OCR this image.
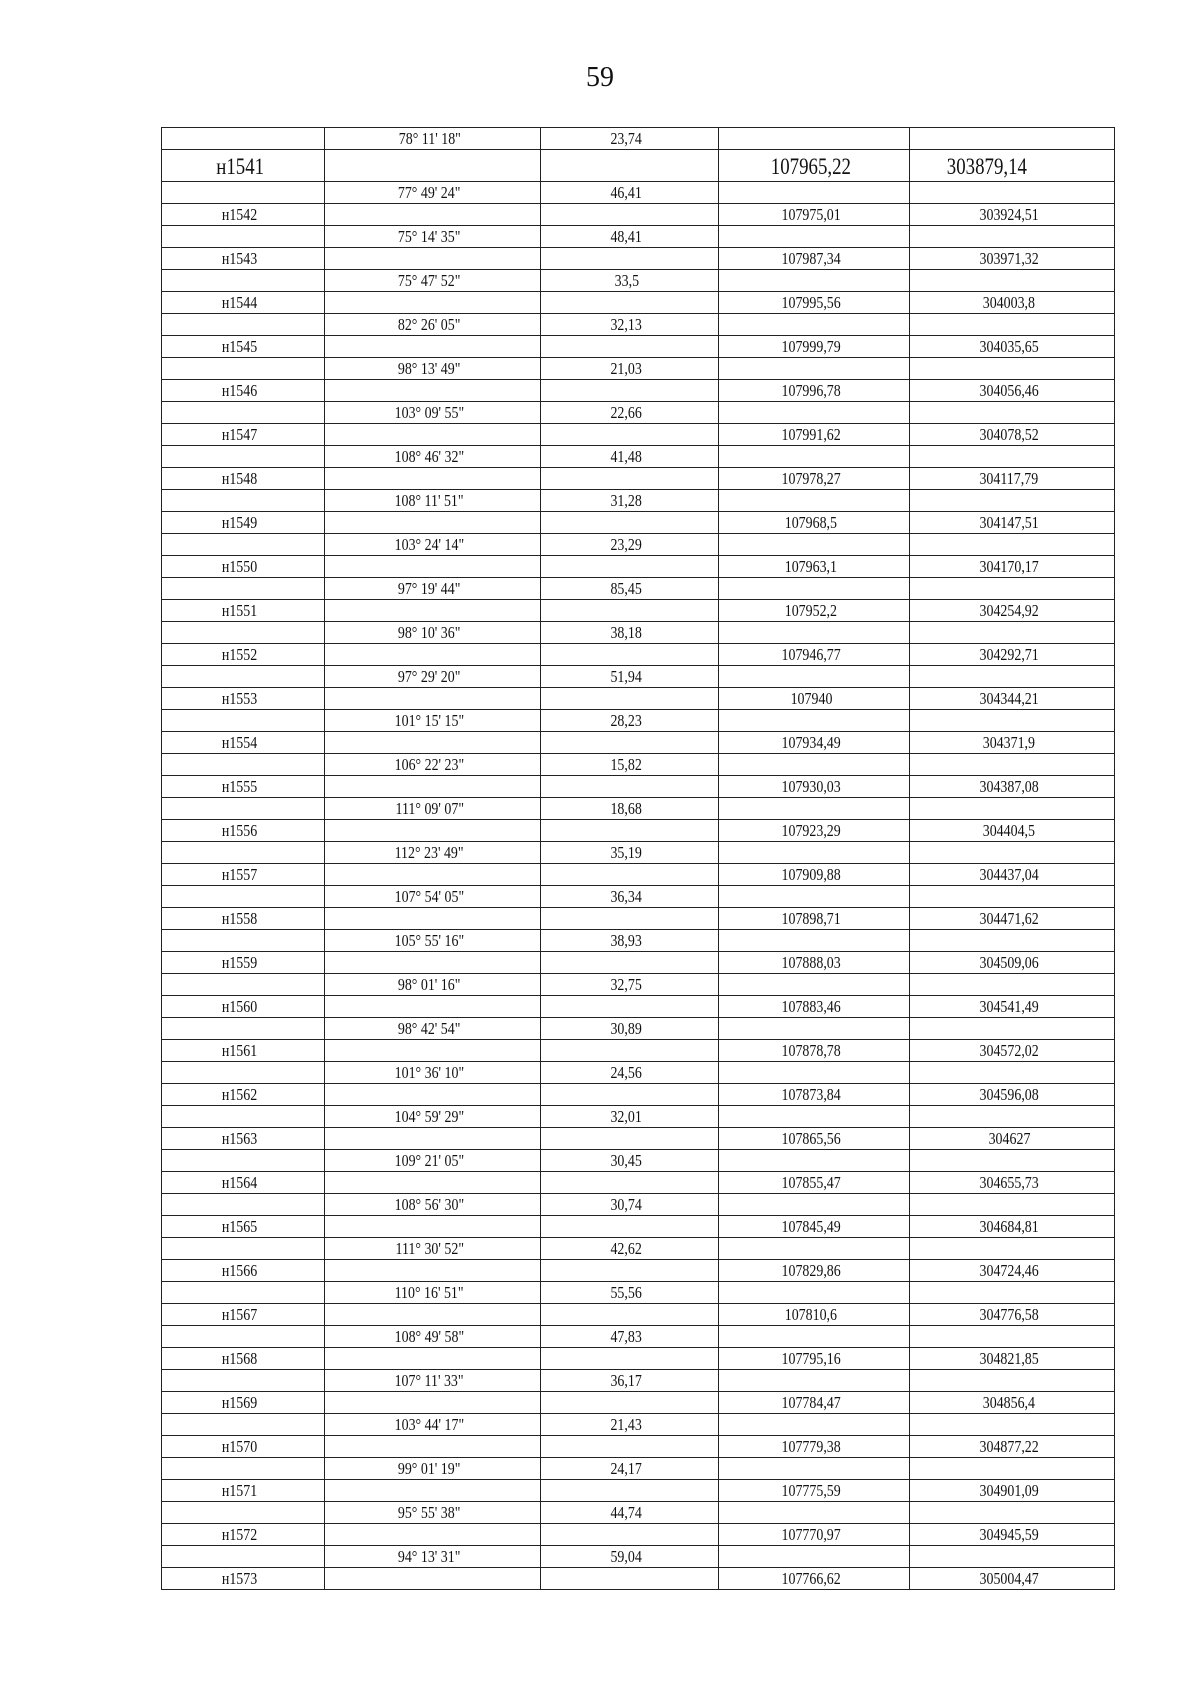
59
	78° 11' 18"	23,74		
н1541			107965,22	303879,14
	77° 49' 24"	46,41		
н1542			107975,01	303924,51
	75° 14' 35"	48,41		
н1543			107987,34	303971,32
	75° 47' 52"	33,5		
н1544			107995,56	304003,8
	82° 26' 05"	32,13		
н1545			107999,79	304035,65
	98° 13' 49"	21,03		
н1546			107996,78	304056,46
	103° 09' 55"	22,66		
н1547			107991,62	304078,52
	108° 46' 32"	41,48		
н1548			107978,27	304117,79
	108° 11' 51"	31,28		
н1549			107968,5	304147,51
	103° 24' 14"	23,29		
н1550			107963,1	304170,17
	97° 19' 44"	85,45		
н1551			107952,2	304254,92
	98° 10' 36"	38,18		
н1552			107946,77	304292,71
	97° 29' 20"	51,94		
н1553			107940	304344,21
	101° 15' 15"	28,23		
н1554			107934,49	304371,9
	106° 22' 23"	15,82		
н1555			107930,03	304387,08
	111° 09' 07"	18,68		
н1556			107923,29	304404,5
	112° 23' 49"	35,19		
н1557			107909,88	304437,04
	107° 54' 05"	36,34		
н1558			107898,71	304471,62
	105° 55' 16"	38,93		
н1559			107888,03	304509,06
	98° 01' 16"	32,75		
н1560			107883,46	304541,49
	98° 42' 54"	30,89		
н1561			107878,78	304572,02
	101° 36' 10"	24,56		
н1562			107873,84	304596,08
	104° 59' 29"	32,01		
н1563			107865,56	304627
	109° 21' 05"	30,45		
н1564			107855,47	304655,73
	108° 56' 30"	30,74		
н1565			107845,49	304684,81
	111° 30' 52"	42,62		
н1566			107829,86	304724,46
	110° 16' 51"	55,56		
н1567			107810,6	304776,58
	108° 49' 58"	47,83		
н1568			107795,16	304821,85
	107° 11' 33"	36,17		
н1569			107784,47	304856,4
	103° 44' 17"	21,43		
н1570			107779,38	304877,22
	99° 01' 19"	24,17		
н1571			107775,59	304901,09
	95° 55' 38"	44,74		
н1572			107770,97	304945,59
	94° 13' 31"	59,04		
н1573			107766,62	305004,47
